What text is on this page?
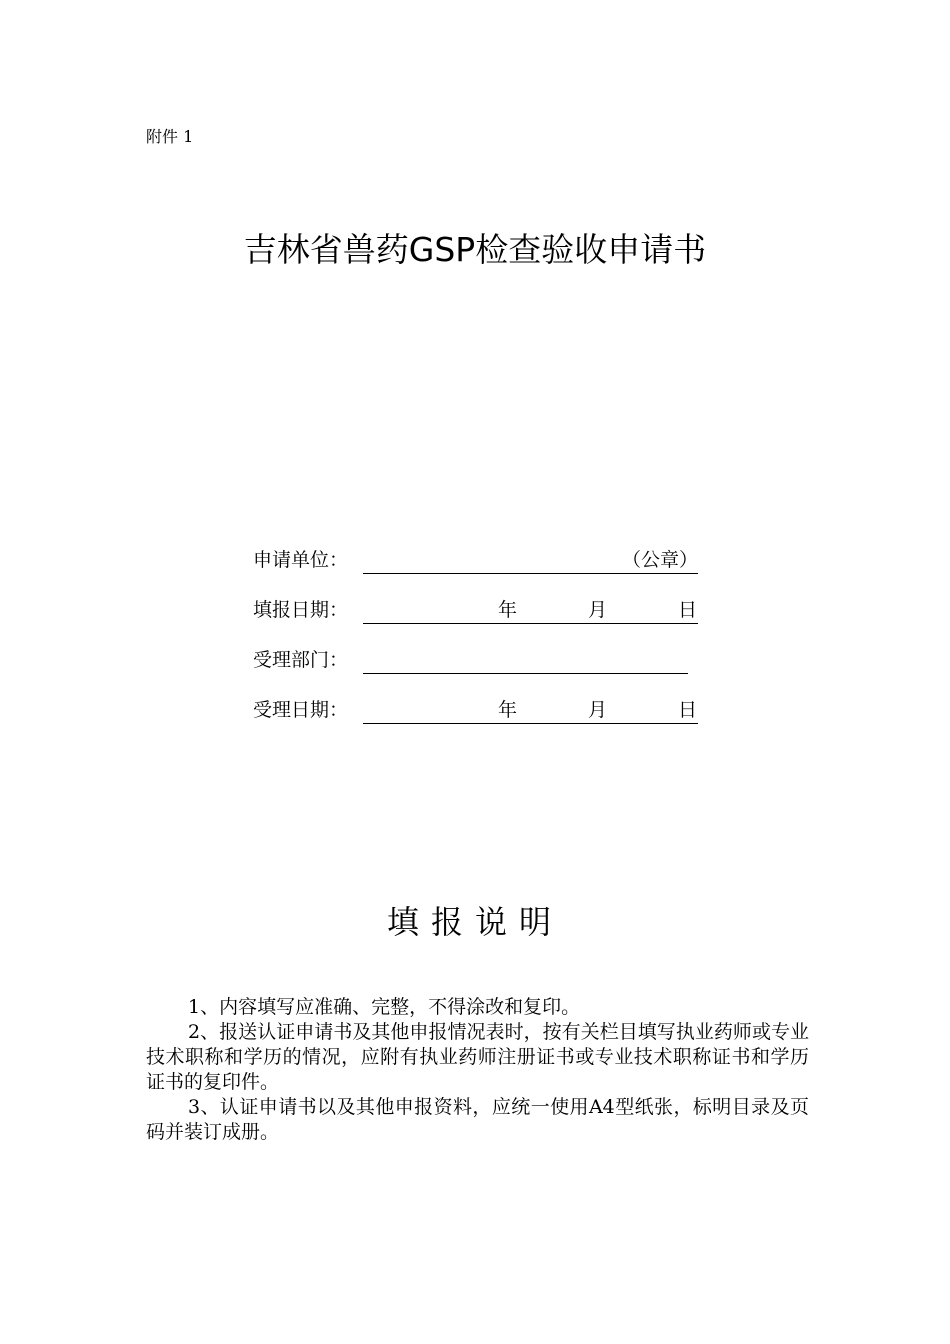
附件 1
吉林省兽药GSP检查验收申请书
申请单位：	（公章）
填报日期：	年	月	日
受理部门：
受理日期：	年	月	日
填报说明

1、内容填写应准确、完整，不得涂改和复印。

2、报送认证申请书及其他申报情况表时，按有关栏目填写执业药师或专业技术职称和学历的情况，应附有执业药师注册证书或专业技术职称证书和学历证书的复印件。

3、认证申请书以及其他申报资料，应统一使用A4型纸张，标明目录及页码并装订成册。
